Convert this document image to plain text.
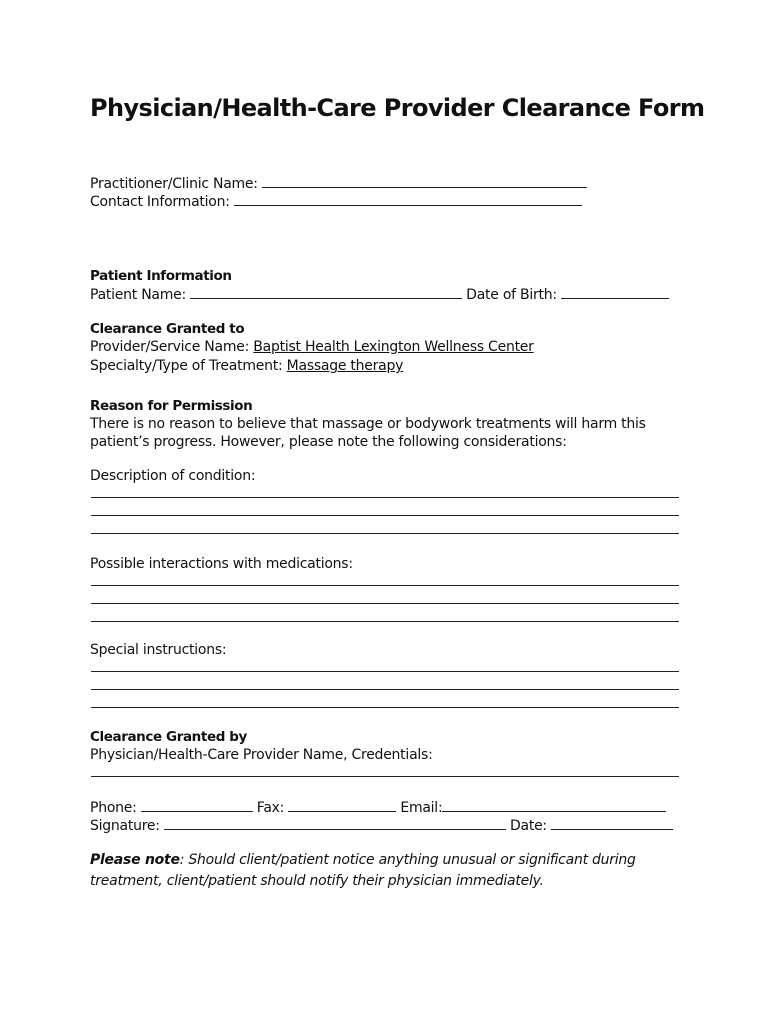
Physician/Health-Care Provider Clearance Form
Practitioner/Clinic Name:
Contact Information:
Patient Information
Patient Name:	Date of Birth:
Clearance Granted to
Provider/Service Name: Baptist Health Lexington Wellness Center
Specialty/Type of Treatment: Massage therapy
Reason for Permission
There is no reason to believe that massage or bodywork treatments will harm this
patient’s progress. However, please note the following considerations:
Description of condition:
Possible interactions with medications:
Special instructions:
Clearance Granted by
Physician/Health-Care Provider Name, Credentials:
Phone:	Fax:	Email:
Signature:	Date:
Please note: Should client/patient notice anything unusual or significant during treatment, client/patient should notify their physician immediately.
